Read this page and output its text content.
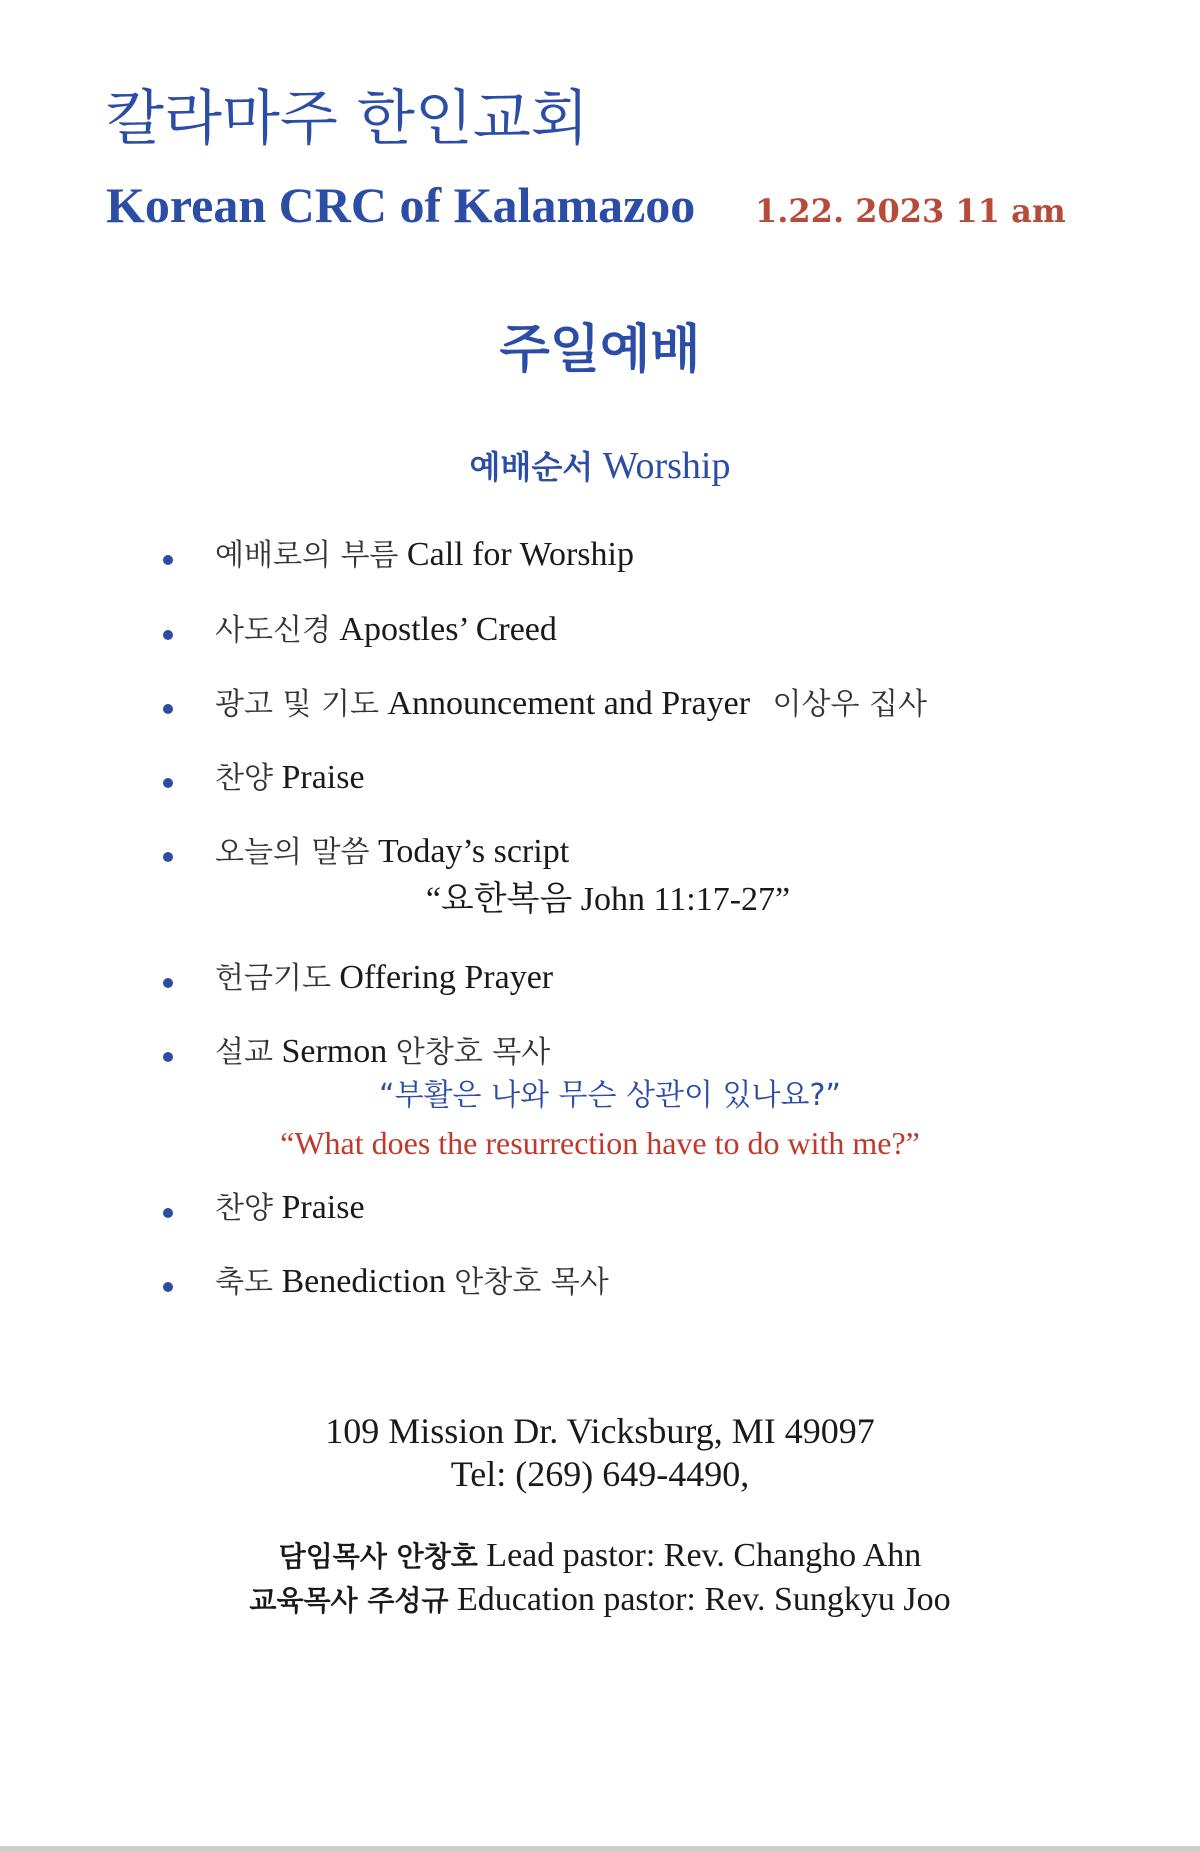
칼라마주 한인교회
Korean CRC of Kalamazoo 1.22. 2023 11 am
주일예배
예배순서 Worship
예배로의 부름 Call for Worship
사도신경 Apostles’ Creed
광고 및 기도 Announcement and Prayer 이상우 집사
찬양 Praise
오늘의 말씀 Today’s script
헌금기도 Offering Prayer
설교 Sermon 안창호 목사
찬양 Praise
축도 Benediction 안창호 목사
“요한복음 John 11:17-27”
“부활은 나와 무슨 상관이 있나요?”
“What does the resurrection have to do with me?”
109 Mission Dr. Vicksburg, MI 49097
Tel: (269) 649-4490,
담임목사 안창호 Lead pastor: Rev. Changho Ahn
교육목사 주성규 Education pastor: Rev. Sungkyu Joo
